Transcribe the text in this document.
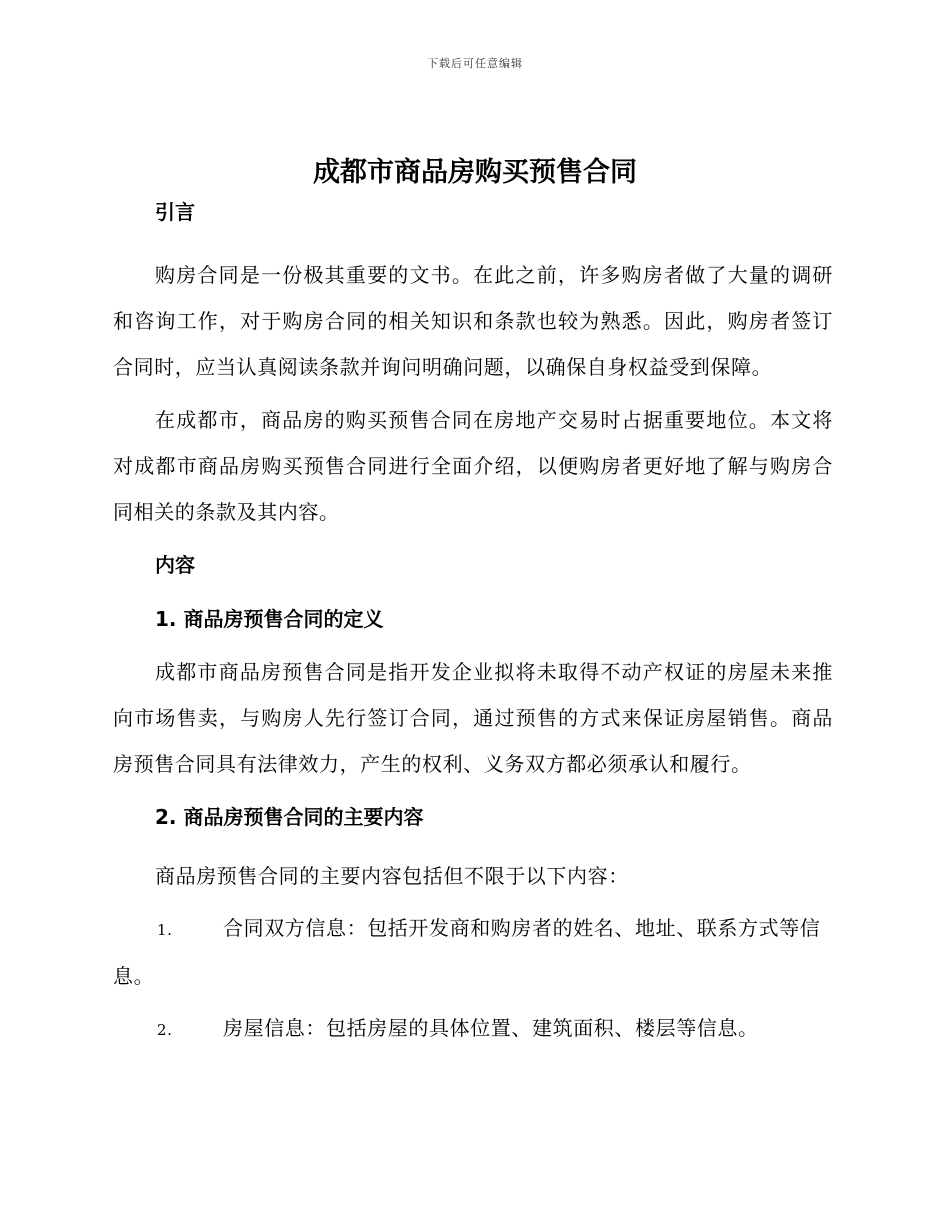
下载后可任意编辑
成都市商品房购买预售合同

引言

购房合同是一份极其重要的文书。在此之前，许多购房者做了大量的调研和咨询工作，对于购房合同的相关知识和条款也较为熟悉。因此，购房者签订合同时，应当认真阅读条款并询问明确问题，以确保自身权益受到保障。

在成都市，商品房的购买预售合同在房地产交易时占据重要地位。本文将对成都市商品房购买预售合同进行全面介绍，以便购房者更好地了解与购房合同相关的条款及其内容。

内容

1. 商品房预售合同的定义

成都市商品房预售合同是指开发企业拟将未取得不动产权证的房屋未来推向市场售卖，与购房人先行签订合同，通过预售的方式来保证房屋销售。商品房预售合同具有法律效力，产生的权利、义务双方都必须承认和履行。

2. 商品房预售合同的主要内容

商品房预售合同的主要内容包括但不限于以下内容：

1.	合同双方信息：包括开发商和购房者的姓名、地址、联系方式等信息。

2.	房屋信息：包括房屋的具体位置、建筑面积、楼层等信息。
